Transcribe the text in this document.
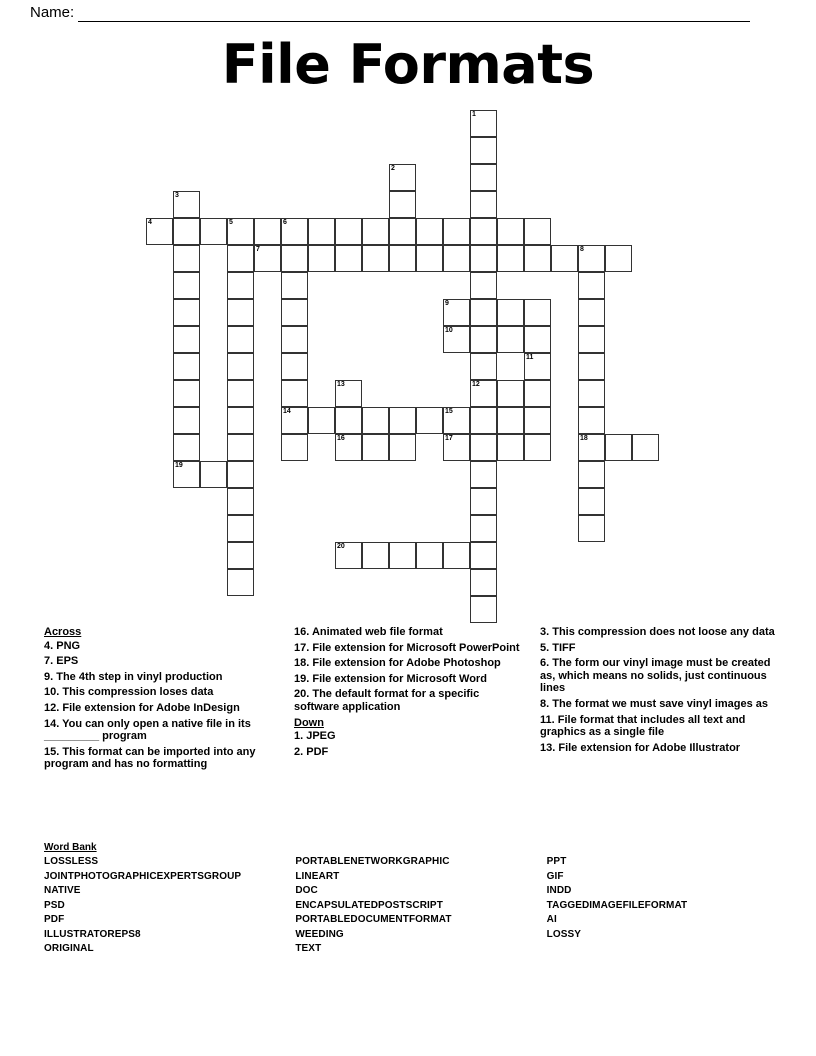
Name:
File Formats
1
12
2
3
19
4	5	6
14
7	8
18
9
10
11
13
16
15
17
20
Across
4. PNG
7. EPS
9. The 4th step in vinyl production
10. This compression loses data
12. File extension for Adobe InDesign
14. You can only open a native file in its _________ program
15. This format can be imported into any program and has no formatting
16. Animated web file format
17. File extension for Microsoft PowerPoint
18. File extension for Adobe Photoshop
19. File extension for Microsoft Word
20. The default format for a specific software application
Down
1. JPEG
2. PDF
3. This compression does not loose any data
5. TIFF
6. The form our vinyl image must be created as, which means no solids, just continuous lines
8. The format we must save vinyl images as
11. File format that includes all text and graphics as a single file
13. File extension for Adobe Illustrator
Word Bank
LOSSLESS
JOINTPHOTOGRAPHICEXPERTSGROUP
NATIVE
PSD
PDF
ILLUSTRATOREPS8
ORIGINAL
PORTABLENETWORKGRAPHIC
LINEART
DOC
ENCAPSULATEDPOSTSCRIPT
PORTABLEDOCUMENTFORMAT
WEEDING
TEXT
PPT
GIF
INDD
TAGGEDIMAGEFILEFORMAT
AI
LOSSY
